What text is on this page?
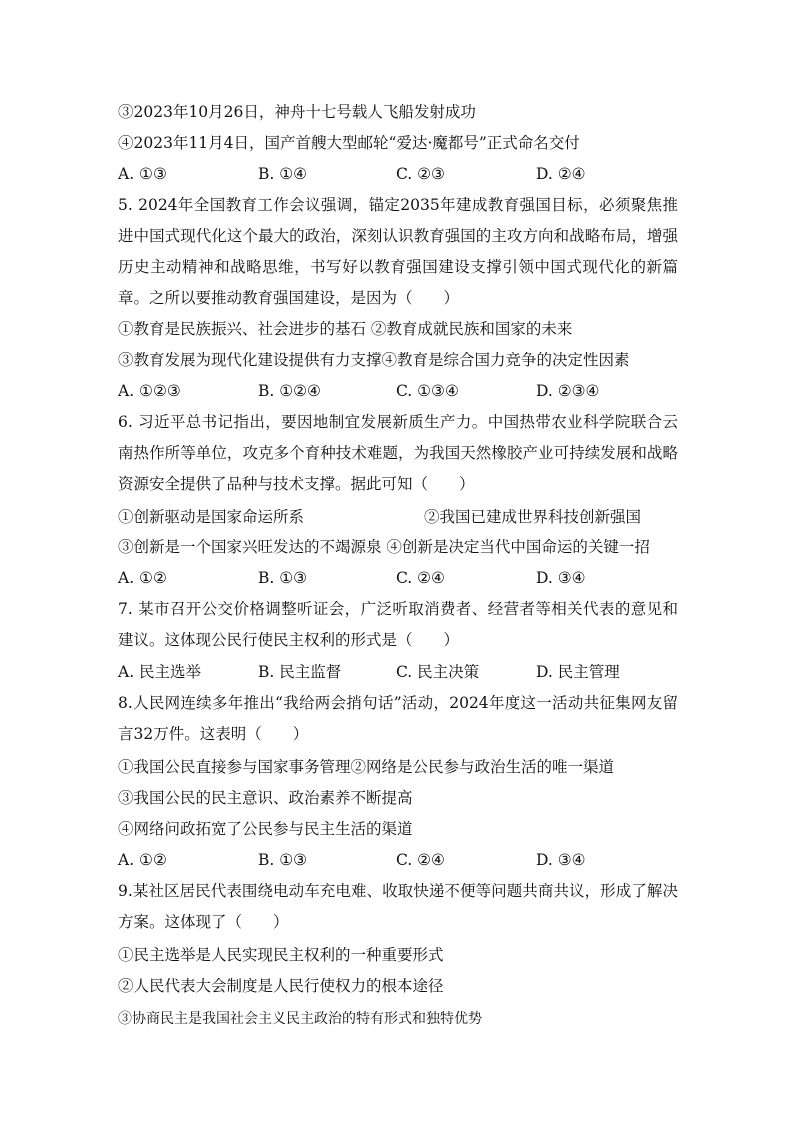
③2023年10月26日，神舟十七号载人飞船发射成功
④2023年11月4日，国产首艘大型邮轮“爱达·魔都号”正式命名交付
A. ①③	B. ①④	C. ②③	D. ②④
5. 2024年全国教育工作会议强调，锚定2035年建成教育强国目标，必须聚焦推进中国式现代化这个最大的政治，深刻认识教育强国的主攻方向和战略布局，增强历史主动精神和战略思维，书写好以教育强国建设支撑引领中国式现代化的新篇章。之所以要推动教育强国建设，是因为（　　）
①教育是民族振兴、社会进步的基石 ②教育成就民族和国家的未来
③教育发展为现代化建设提供有力支撑④教育是综合国力竞争的决定性因素
A. ①②③	B. ①②④	C. ①③④	D. ②③④
6. 习近平总书记指出，要因地制宜发展新质生产力。中国热带农业科学院联合云南热作所等单位，攻克多个育种技术难题，为我国天然橡胶产业可持续发展和战略资源安全提供了品种与技术支撑。据此可知（　　）
①创新驱动是国家命运所系	②我国已建成世界科技创新强国
③创新是一个国家兴旺发达的不竭源泉 ④创新是决定当代中国命运的关键一招
A. ①②	B. ①③	C. ②④	D. ③④
7. 某市召开公交价格调整听证会，广泛听取消费者、经营者等相关代表的意见和建议。这体现公民行使民主权利的形式是（　　）
A. 民主选举	B. 民主监督	C. 民主决策	D. 民主管理
8.人民网连续多年推出“我给两会捎句话”活动，2024年度这一活动共征集网友留言32万件。这表明（　　）
①我国公民直接参与国家事务管理②网络是公民参与政治生活的唯一渠道
③我国公民的民主意识、政治素养不断提高
④网络问政拓宽了公民参与民主生活的渠道
A. ①②	B. ①③	C. ②④	D. ③④
9.某社区居民代表围绕电动车充电难、收取快递不便等问题共商共议，形成了解决方案。这体现了（　　）
①民主选举是人民实现民主权利的一种重要形式
②人民代表大会制度是人民行使权力的根本途径
③协商民主是我国社会主义民主政治的特有形式和独特优势
